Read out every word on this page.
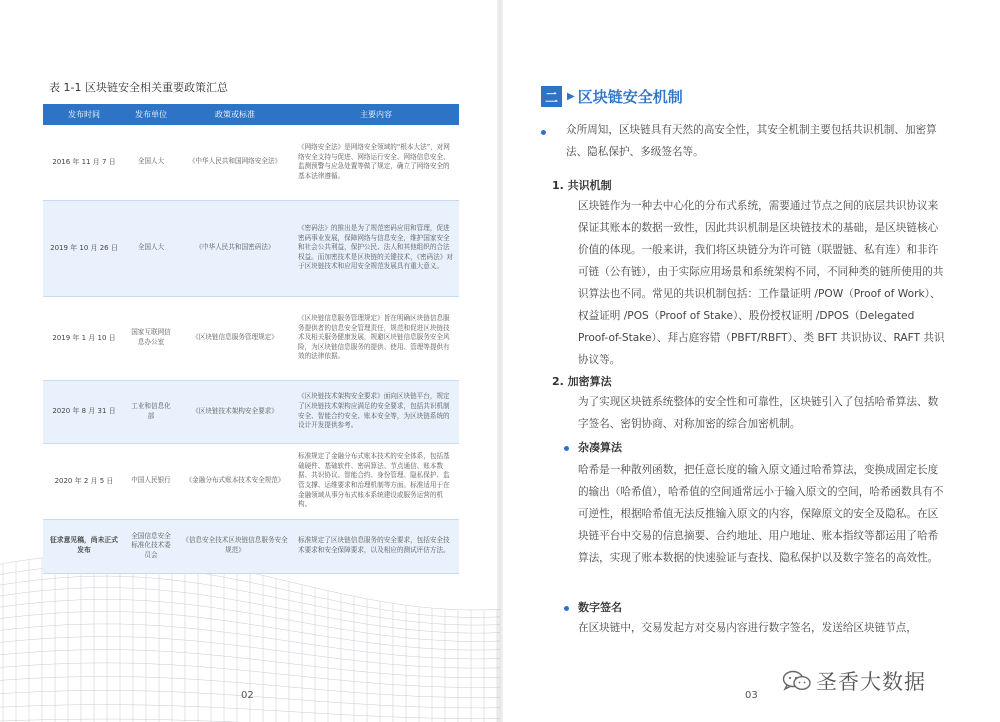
表 1-1 区块链安全相关重要政策汇总
发布时间	发布单位	政策或标准	主要内容
2016 年 11 月 7 日	全国人大	《中华人民共和国网络安全法》	《网络安全法》是网络安全领域的“根本大法”，对网络安全支持与促进、网络运行安全、网络信息安全、监测预警与应急处置等做了规定，确立了网络安全的基本法律遵循。
2019 年 10 月 26 日	全国人大	《中华人民共和国密码法》	《密码法》的推出是为了规范密码应用和管理，促进密码事业发展，保障网络与信息安全，维护国家安全和社会公共利益，保护公民、法人和其他组织的合法权益。而加密技术是区块链的关键技术，《密码法》对于区块链技术和应用安全规范发展具有重大意义。
2019 年 1 月 10 日	国家互联网信息办公室	《区块链信息服务管理规定》	《区块链信息服务管理规定》旨在明确区块链信息服务提供者的信息安全管理责任，规范和促进区块链技术及相关服务健康发展，规避区块链信息服务安全风险，为区块链信息服务的提供、使用、管理等提供有效的法律依据。
2020 年 8 月 31 日	工业和信息化部	《区块链技术架构安全要求》	《区块链技术架构安全要求》面向区块链平台，规定了区块链技术架构应满足的安全要求，包括共识机制安全、智能合约安全、账本安全等，为区块链系统的设计开发提供参考。
2020 年 2 月 5 日	中国人民银行	《金融分布式账本技术安全规范》	标准规定了金融分布式账本技术的安全体系，包括基础硬件、基础软件、密码算法、节点通信、账本数据、共识协议、智能合约、身份管理、隐私保护、监管支撑、运维要求和治理机制等方面。标准适用于在金融领域从事分布式账本系统建设或服务运营的机构。
征求意见稿，尚未正式发布	全国信息安全标准化技术委员会	《信息安全技术区块链信息服务安全规范》	标准规定了区块链信息服务的安全要求，包括安全技术要求和安全保障要求，以及相应的测试评估方法。
02
二 ▶ 区块链安全机制
众所周知，区块链具有天然的高安全性，其安全机制主要包括共识机制、加密算法、隐私保护、多级签名等。
1. 共识机制
区块链作为一种去中心化的分布式系统，需要通过节点之间的底层共识协议来保证其账本的数据一致性，因此共识机制是区块链技术的基础，是区块链核心价值的体现。一般来讲，我们将区块链分为许可链（联盟链、私有连）和非许可链（公有链），由于实际应用场景和系统架构不同，不同种类的链所使用的共识算法也不同。常见的共识机制包括：工作量证明 /POW（Proof of Work）、权益证明 /POS（Proof of Stake）、股份授权证明 /DPOS（Delegated Proof-of-Stake）、拜占庭容错（PBFT/RBFT）、类 BFT 共识协议、RAFT 共识协议等。
2. 加密算法
为了实现区块链系统整体的安全性和可靠性，区块链引入了包括哈希算法、数字签名、密钥协商、对称加密的综合加密机制。
杂凑算法
哈希是一种散列函数，把任意长度的输入原文通过哈希算法，变换成固定长度的输出（哈希值），哈希值的空间通常远小于输入原文的空间，哈希函数具有不可逆性，根据哈希值无法反推输入原文的内容，保障原文的安全及隐私。在区块链平台中交易的信息摘要、合约地址、用户地址、账本指纹等都运用了哈希算法，实现了账本数据的快速验证与查找、隐私保护以及数字签名的高效性。
数字签名
在区块链中，交易发起方对交易内容进行数字签名，发送给区块链节点，
03
圣香大数据
